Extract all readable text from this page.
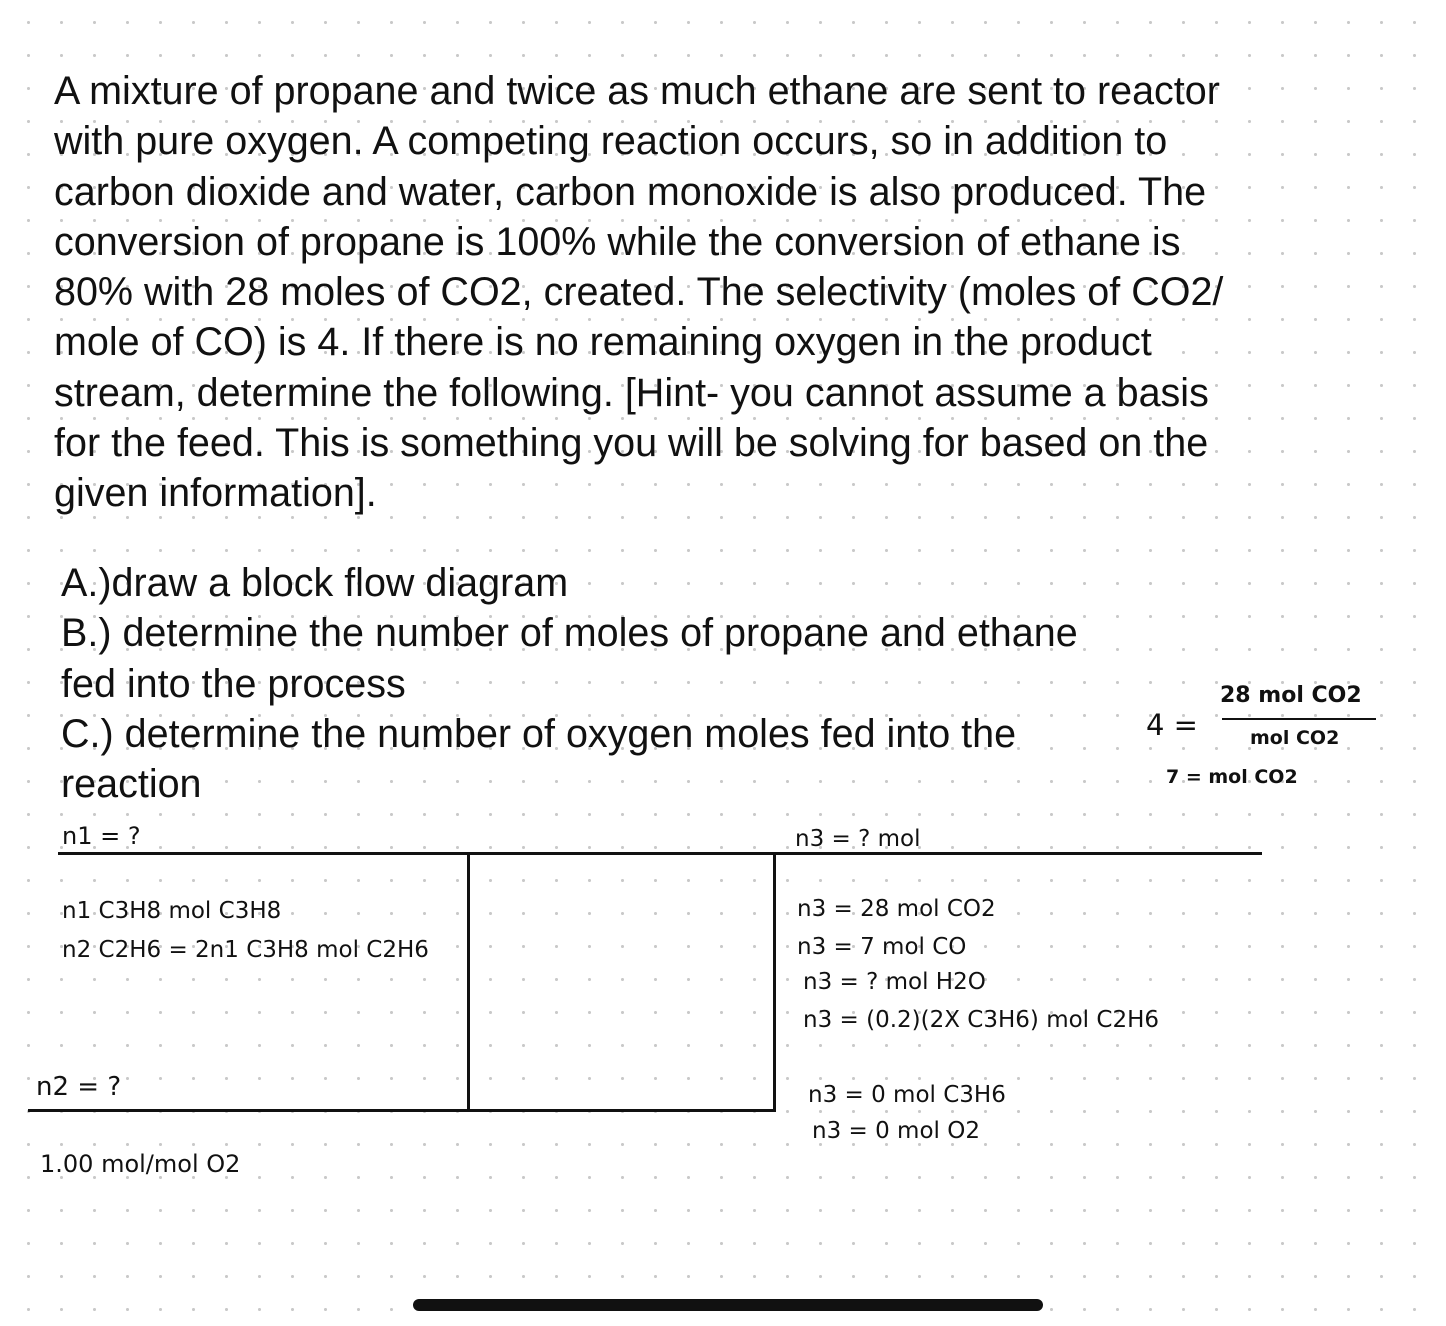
A mixture of propane and twice as much ethane are sent to reactor
with pure oxygen. A competing reaction occurs, so in addition to
carbon dioxide and water, carbon monoxide is also produced. The
conversion of propane is 100% while the conversion of ethane is
80% with 28 moles of CO2, created. The selectivity (moles of CO2/
mole of CO) is 4. If there is no remaining oxygen in the product
stream, determine the following. [Hint- you cannot assume a basis
for the feed. This is something you will be solving for based on the
given information].
A.)draw a block flow diagram
B.) determine the number of moles of propane and ethane
fed into the process
C.) determine the number of oxygen moles fed into the
reaction
4 =
28 mol CO2
mol CO2
7 = mol CO2
n1 = ?
n1 C3H8 mol C3H8
n2 C2H6 = 2n1 C3H8 mol C2H6
n2 = ?
1.00 mol/mol O2
n3 = ? mol
n3 = 28 mol CO2
n3 = 7 mol CO
n3 = ? mol H2O
n3 = (0.2)(2X C3H6) mol C2H6
n3 = 0 mol C3H6
n3 = 0 mol O2
